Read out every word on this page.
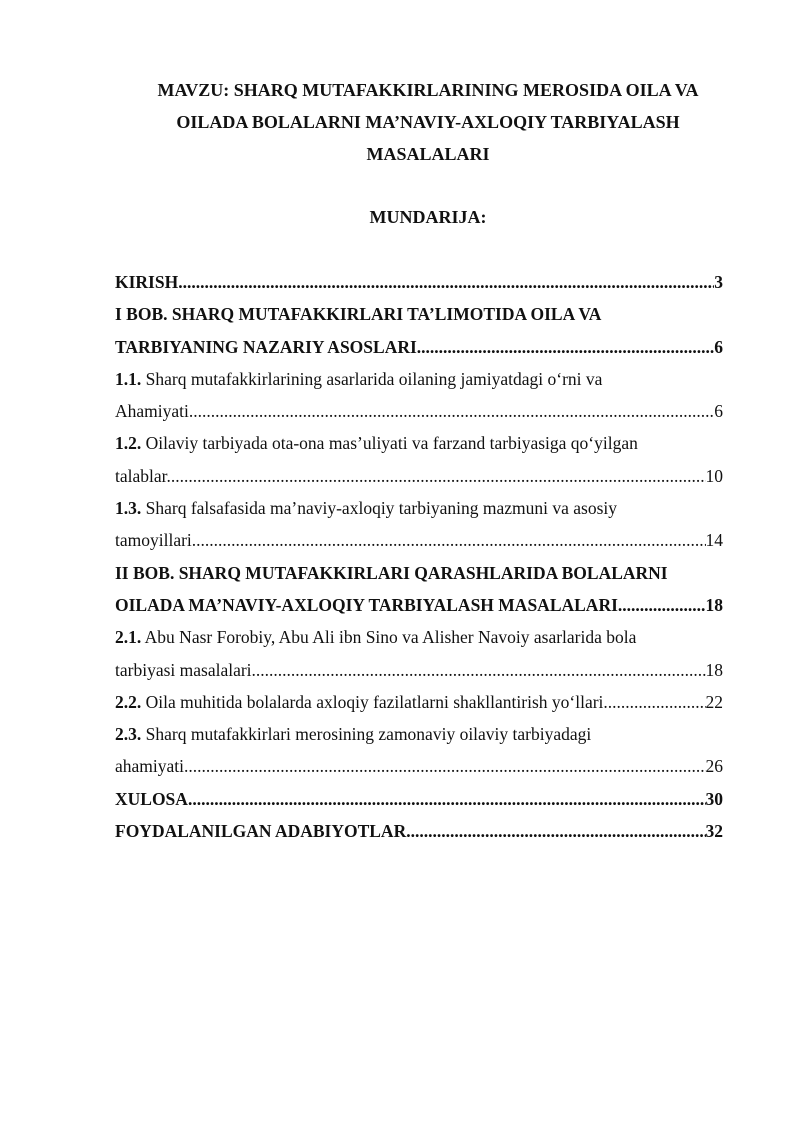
MAVZU: SHARQ MUTAFAKKIRLARINING MEROSIDA OILA VA
OILADA BOLALARNI MA’NAVIY-AXLOQIY TARBIYALASH
MASALALARI
MUNDARIJA:
KIRISH .....	3
I BOB. SHARQ MUTAFAKKIRLARI TA’LIMOTIDA OILA VA
TARBIYANING NAZARIY ASOSLARI .....	6
1.1. Sharq mutafakkirlarining asarlarida oilaning jamiyatdagi o‘rni va
Ahamiyati .....	6
1.2. Oilaviy tarbiyada ota-ona mas’uliyati va farzand tarbiyasiga qo‘yilgan
talablar .....	10
1.3. Sharq falsafasida ma’naviy-axloqiy tarbiyaning mazmuni va asosiy
tamoyillari .....	14
II BOB. SHARQ MUTAFAKKIRLARI QARASHLARIDA BOLALARNI
OILADA MA’NAVIY-AXLOQIY TARBIYALASH MASALALARI .....	18
2.1. Abu Nasr Forobiy, Abu Ali ibn Sino va Alisher Navoiy asarlarida bola
tarbiyasi masalalari .....	18
2.2.
Oila muhitida bolalarda axloqiy fazilatlarni shakllantirish yo‘llari .....	22
2.3. Sharq mutafakkirlari merosining zamonaviy oilaviy tarbiyadagi
ahamiyati .....	26
XULOSA .....	30
FOYDALANILGAN ADABIYOTLAR .....	32
